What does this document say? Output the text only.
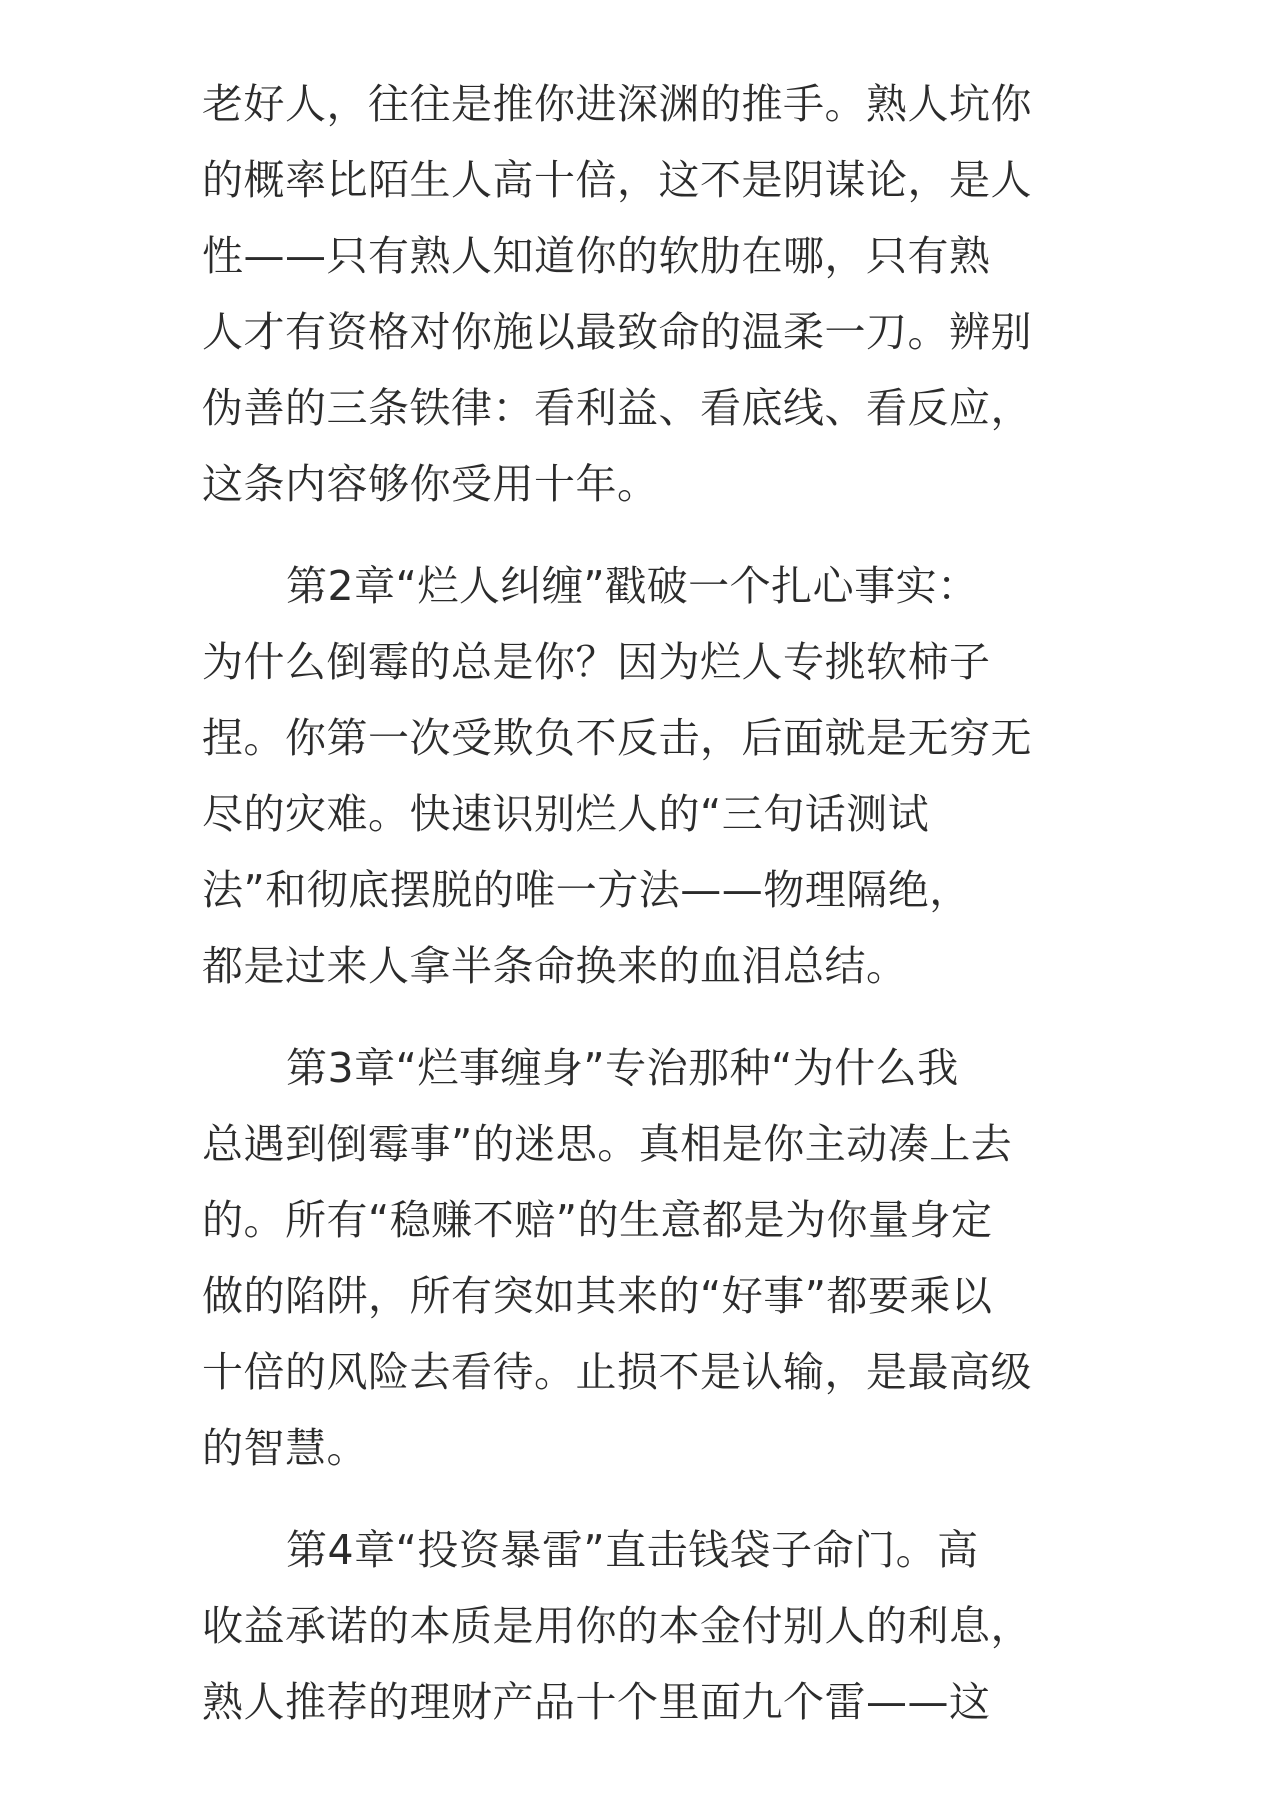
老好人，往往是推你进深渊的推手。熟人坑你
的概率比陌生人高十倍，这不是阴谋论，是人
性——只有熟人知道你的软肋在哪，只有熟
人才有资格对你施以最致命的温柔一刀。辨别
伪善的三条铁律：看利益、看底线、看反应，
这条内容够你受用十年。
第2章“烂人纠缠”戳破一个扎心事实：
为什么倒霉的总是你？因为烂人专挑软柿子
捏。你第一次受欺负不反击，后面就是无穷无
尽的灾难。快速识别烂人的“三句话测试
法”和彻底摆脱的唯一方法——物理隔绝，
都是过来人拿半条命换来的血泪总结。
第3章“烂事缠身”专治那种“为什么我
总遇到倒霉事”的迷思。真相是你主动凑上去
的。所有“稳赚不赔”的生意都是为你量身定
做的陷阱，所有突如其来的“好事”都要乘以
十倍的风险去看待。止损不是认输，是最高级
的智慧。
第4章“投资暴雷”直击钱袋子命门。高
收益承诺的本质是用你的本金付别人的利息，
熟人推荐的理财产品十个里面九个雷——这
